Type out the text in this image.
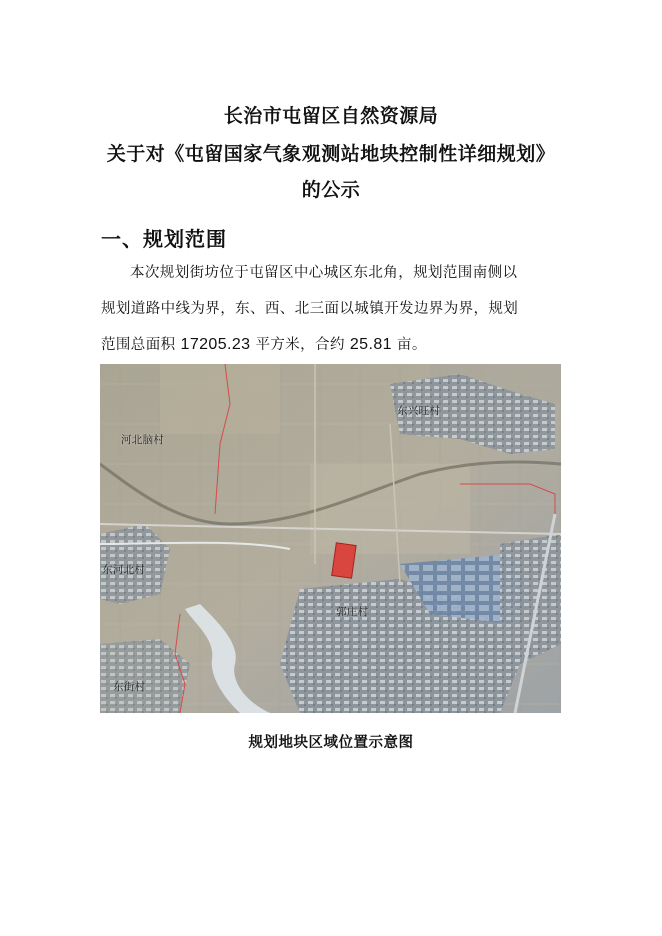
长治市屯留区自然资源局
关于对《屯留国家气象观测站地块控制性详细规划》
的公示
一、规划范围
本次规划街坊位于屯留区中心城区东北角，规划范围南侧以
规划道路中线为界，东、西、北三面以城镇开发边界为界，规划
范围总面积 17205.23 平方米，合约 25.81 亩。
河北脑村
东兴旺村
东河北村
郭庄村
东街村
规划地块区域位置示意图
